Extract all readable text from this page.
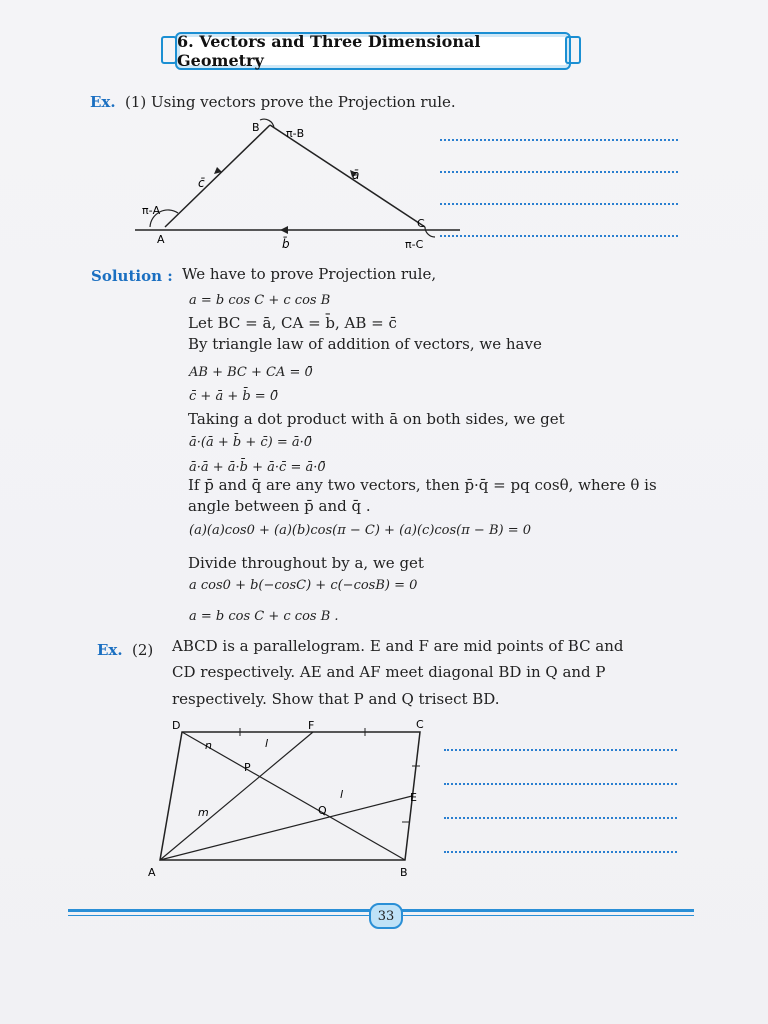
6. Vectors and Three Dimensional Geometry
Ex. (1) Using vectors prove the Projection rule.
B π-B
c̄
ā
π-A
A
C
b̄	π-C
Solution : We have to prove Projection rule,
a = b cos C + c cos B
Let BC = ā, CA = b̄, AB = c̄
By triangle law of addition of vectors, we have
AB + BC + CA = 0̄
c̄ + ā + b̄ = 0̄
Taking a dot product with ā on both sides, we get
ā·(ā + b̄ + c̄) = ā·0̄
ā·ā + ā·b̄ + ā·c̄ = ā·0̄
If p̄ and q̄ are any two vectors, then p̄·q̄ = pq cosθ, where θ is
angle between p̄ and q̄ .
(a)(a)cos0 + (a)(b)cos(π − C) + (a)(c)cos(π − B) = 0
Divide throughout by a, we get
a cos0 + b(−cosC) + c(−cosB) = 0
a = b cos C + c cos B .
Ex. (2) ABCD is a parallelogram. E and F are mid points of BC and
CD respectively. AE and AF meet diagonal BD in Q and P
respectively. Show that P and Q trisect BD.
D	F	C
n	l
P
l	E
m	Q
A	B
33
